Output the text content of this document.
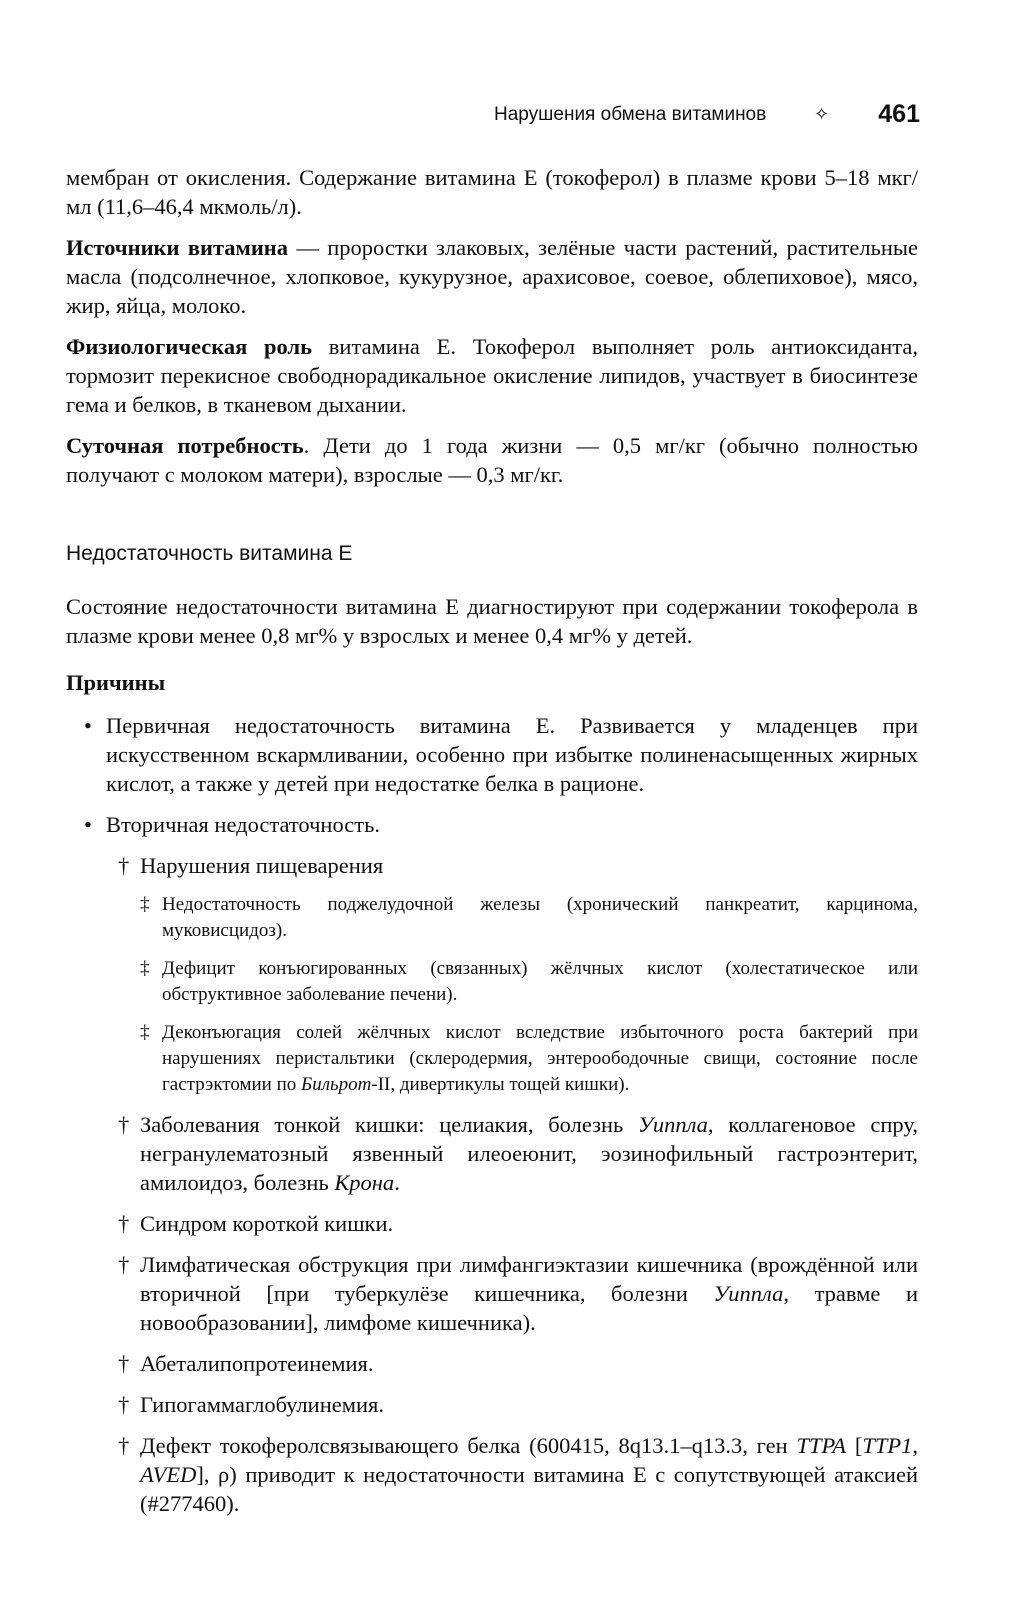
Нарушения обмена витаминов	✧ 461

мембран от окисления. Содержание витамина Е (токоферол) в плазме крови 5–18 мкг/мл (11,6–46,4 мкмоль/л).

Источники витамина — проростки злаковых, зелёные части растений, растительные масла (подсолнечное, хлопковое, кукурузное, арахисовое, соевое, облепиховое), мясо, жир, яйца, молоко.

Физиологическая роль витамина Е. Токоферол выполняет роль антиоксиданта, тормозит перекисное свободнорадикальное окисление липидов, участвует в биосинтезе гема и белков, в тканевом дыхании.

Суточная потребность. Дети до 1 года жизни — 0,5 мг/кг (обычно полностью получают с молоком матери), взрослые — 0,3 мг/кг.

Недостаточность витамина Е

Состояние недостаточности витамина Е диагностируют при содержании токоферола в плазме крови менее 0,8 мг% у взрослых и менее 0,4 мг% у детей.

Причины
• Первичная недостаточность витамина Е. Развивается у младенцев при искусственном вскармливании, особенно при избытке полиненасыщенных жирных кислот, а также у детей при недостатке белка в рационе.
• Вторичная недостаточность.
† Нарушения пищеварения
‡ Недостаточность поджелудочной железы (хронический панкреатит, карцинома, муковисцидоз).
‡ Дефицит конъюгированных (связанных) жёлчных кислот (холестатическое или обструктивное заболевание печени).
‡ Деконъюгация солей жёлчных кислот вследствие избыточного роста бактерий при нарушениях перистальтики (склеродермия, энтероободочные свищи, состояние после гастрэктомии по Бильрот-II, дивертикулы тощей кишки).
† Заболевания тонкой кишки: целиакия, болезнь Уиппла, коллагеновое спру, негранулематозный язвенный илеоеюнит, эозинофильный гастроэнтерит, амилоидоз, болезнь Крона.
† Синдром короткой кишки.
† Лимфатическая обструкция при лимфангиэктазии кишечника (врождённой или вторичной [при туберкулёзе кишечника, болезни Уиппла, травме и новообразовании], лимфоме кишечника).
† Абеталипопротеинемия.
† Гипогаммаглобулинемия.
† Дефект токоферолсвязывающего белка (600415, 8q13.1–q13.3, ген TTPA [TTP1, AVED], ρ) приводит к недостаточности витамина Е с сопутствующей атаксией (#277460).
